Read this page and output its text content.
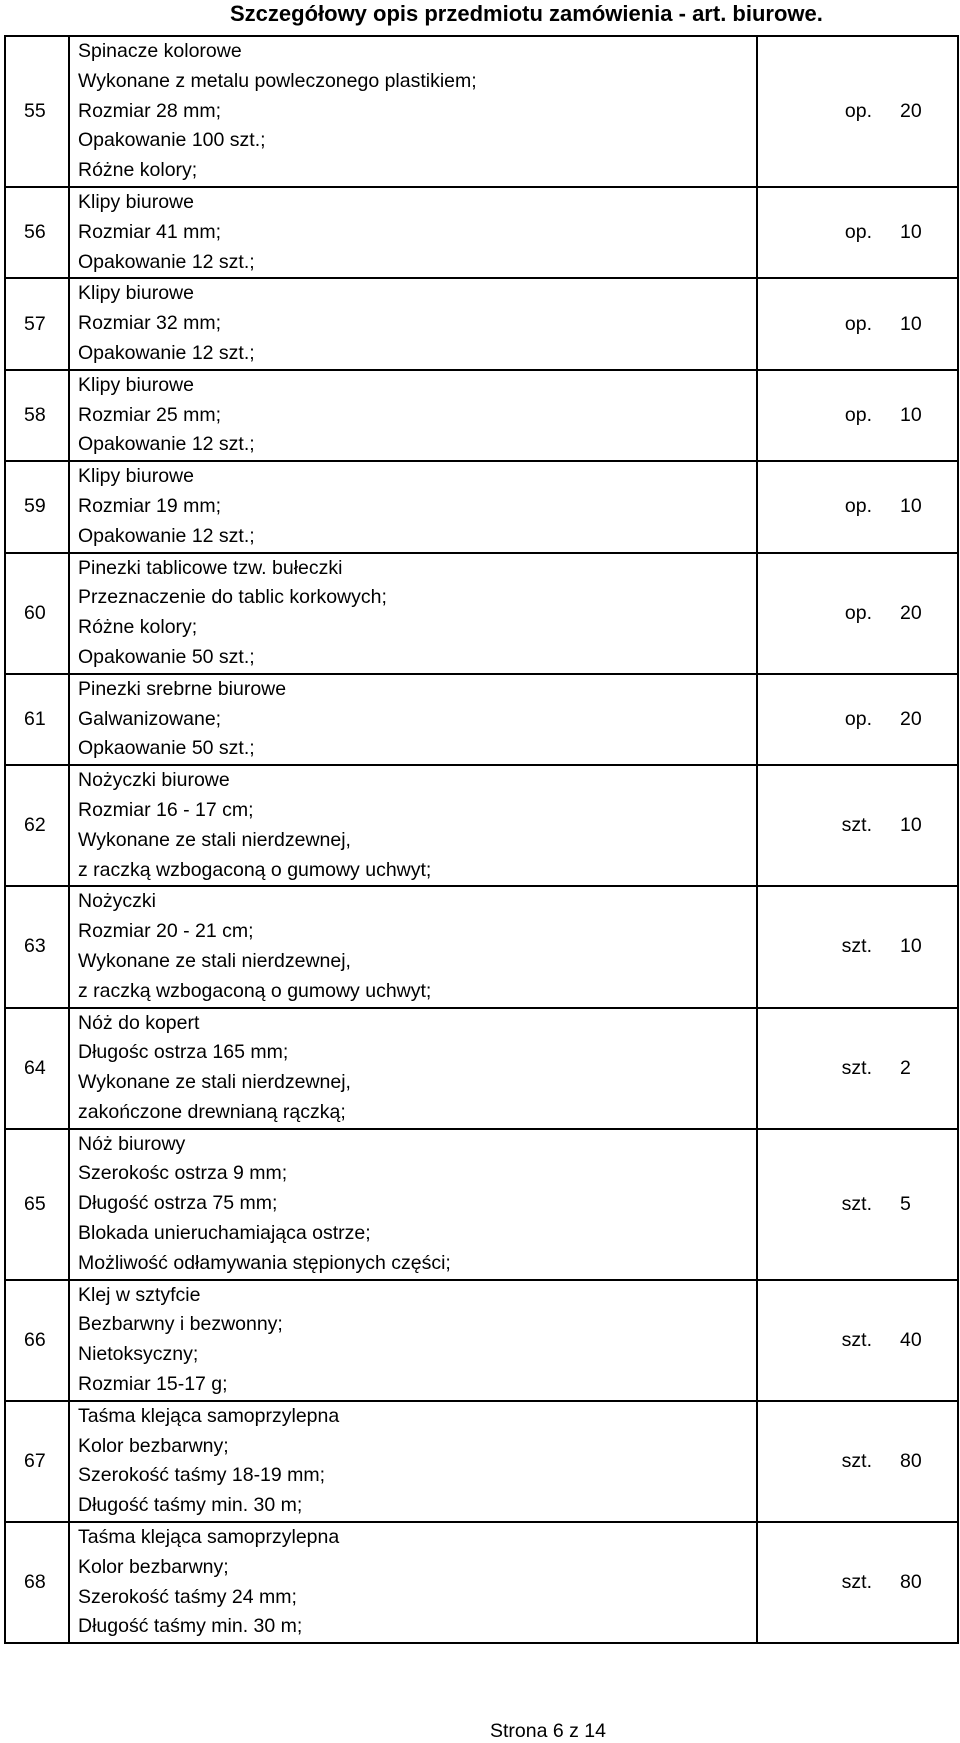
Szczegółowy opis przedmiotu zamówienia - art. biurowe.
55	Spinacze kolorowe
Wykonane z metalu powleczonego plastikiem;
Rozmiar 28 mm;
Opakowanie 100 szt.;
Różne kolory;	op.	20
56	Klipy biurowe
Rozmiar 41 mm;
Opakowanie 12 szt.;	op.	10
57	Klipy biurowe
Rozmiar 32 mm;
Opakowanie 12 szt.;	op.	10
58	Klipy biurowe
Rozmiar 25 mm;
Opakowanie 12 szt.;	op.	10
59	Klipy biurowe
Rozmiar 19 mm;
Opakowanie 12 szt.;	op.	10
60	Pinezki tablicowe tzw. bułeczki
Przeznaczenie do tablic korkowych;
Różne kolory;
Opakowanie 50 szt.;	op.	20
61	Pinezki srebrne biurowe
Galwanizowane;
Opkaowanie 50 szt.;	op.	20
62	Nożyczki biurowe
Rozmiar 16 - 17 cm;
Wykonane ze stali nierdzewnej,
z raczką wzbogaconą o gumowy uchwyt;	szt.	10
63	Nożyczki
Rozmiar 20 - 21 cm;
Wykonane ze stali nierdzewnej,
z raczką wzbogaconą o gumowy uchwyt;	szt.	10
64	Nóż do kopert
Długośc ostrza 165 mm;
Wykonane ze stali nierdzewnej,
zakończone drewnianą rączką;	szt.	2
65	Nóż biurowy
Szerokośc ostrza 9 mm;
Długość ostrza 75 mm;
Blokada unieruchamiająca ostrze;
Możliwość odłamywania stępionych części;	szt.	5
66	Klej w sztyfcie
Bezbarwny i bezwonny;
Nietoksyczny;
Rozmiar 15-17 g;	szt.	40
67	Taśma klejąca samoprzylepna
Kolor bezbarwny;
Szerokość taśmy 18-19 mm;
Długość taśmy min. 30 m;	szt.	80
68	Taśma klejąca samoprzylepna
Kolor bezbarwny;
Szerokość taśmy 24 mm;
Długość taśmy min. 30 m;	szt.	80
Strona 6 z 14
